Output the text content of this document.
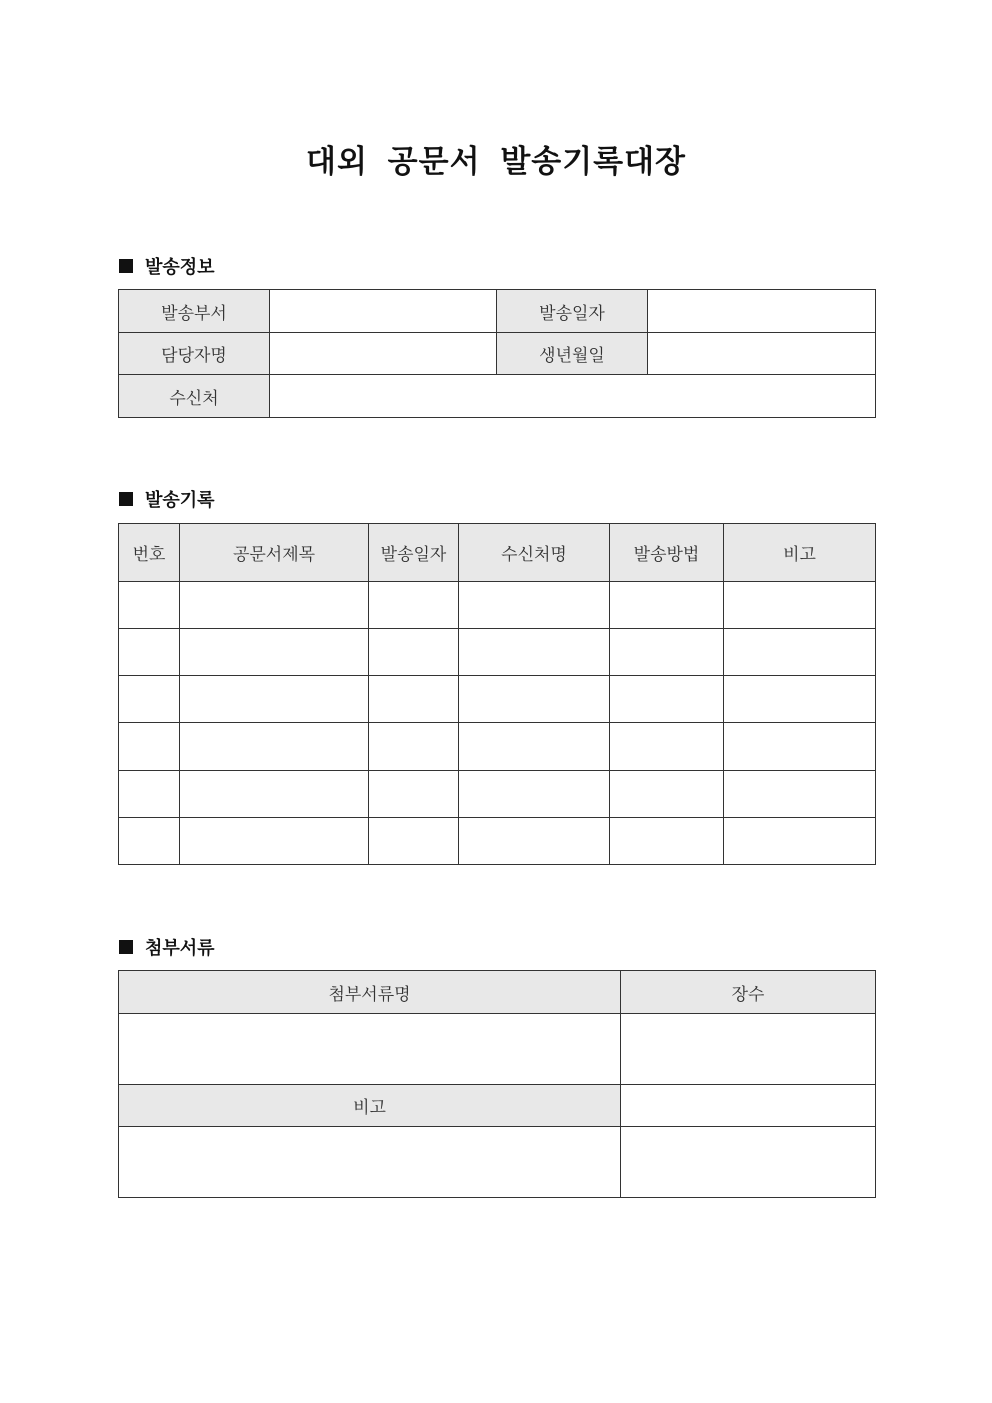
대외 공문서 발송기록대장
발송정보
발송부서		발송일자	
담당자명		생년월일	
수신처			
발송기록
번호	공문서제목	발송일자	수신처명	발송방법	비고

첨부서류
첨부서류명	장수

비고	
